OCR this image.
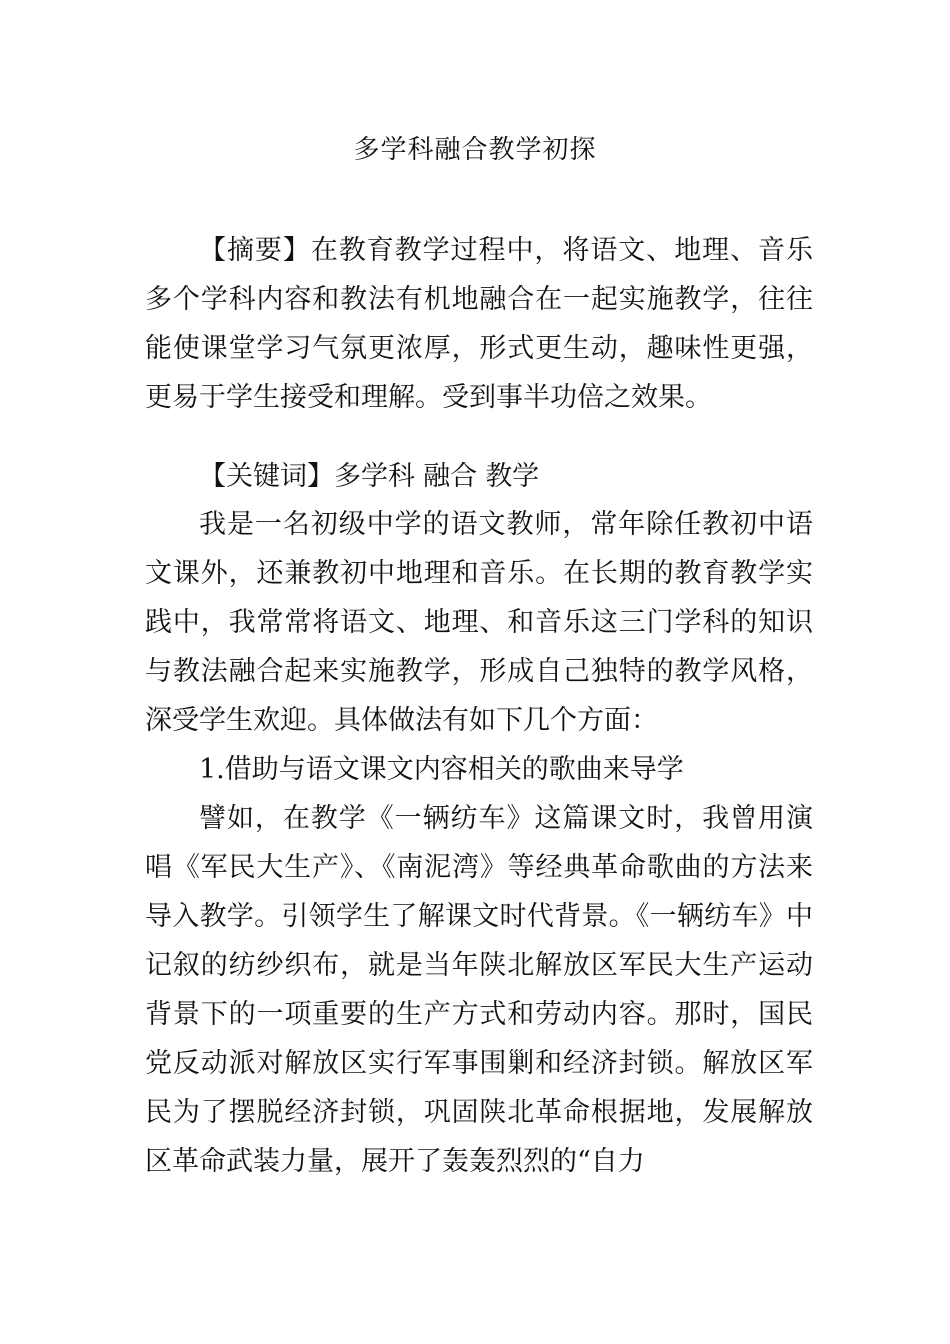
多学科融合教学初探

【摘要】在教育教学过程中，将语文、地理、音乐多个学科内容和教法有机地融合在一起实施教学，往往能使课堂学习气氛更浓厚，形式更生动，趣味性更强，更易于学生接受和理解。受到事半功倍之效果。

【关键词】多学科 融合 教学

我是一名初级中学的语文教师，常年除任教初中语文课外，还兼教初中地理和音乐。在长期的教育教学实践中，我常常将语文、地理、和音乐这三门学科的知识与教法融合起来实施教学，形成自己独特的教学风格，深受学生欢迎。具体做法有如下几个方面：

1.借助与语文课文内容相关的歌曲来导学

譬如，在教学《一辆纺车》这篇课文时，我曾用演唱《军民大生产》、《南泥湾》等经典革命歌曲的方法来导入教学。引领学生了解课文时代背景。《一辆纺车》中记叙的纺纱织布，就是当年陕北解放区军民大生产运动背景下的一项重要的生产方式和劳动内容。那时，国民党反动派对解放区实行军事围剿和经济封锁。解放区军民为了摆脱经济封锁，巩固陕北革命根据地，发展解放区革命武装力量，展开了轰轰烈烈的“自力
